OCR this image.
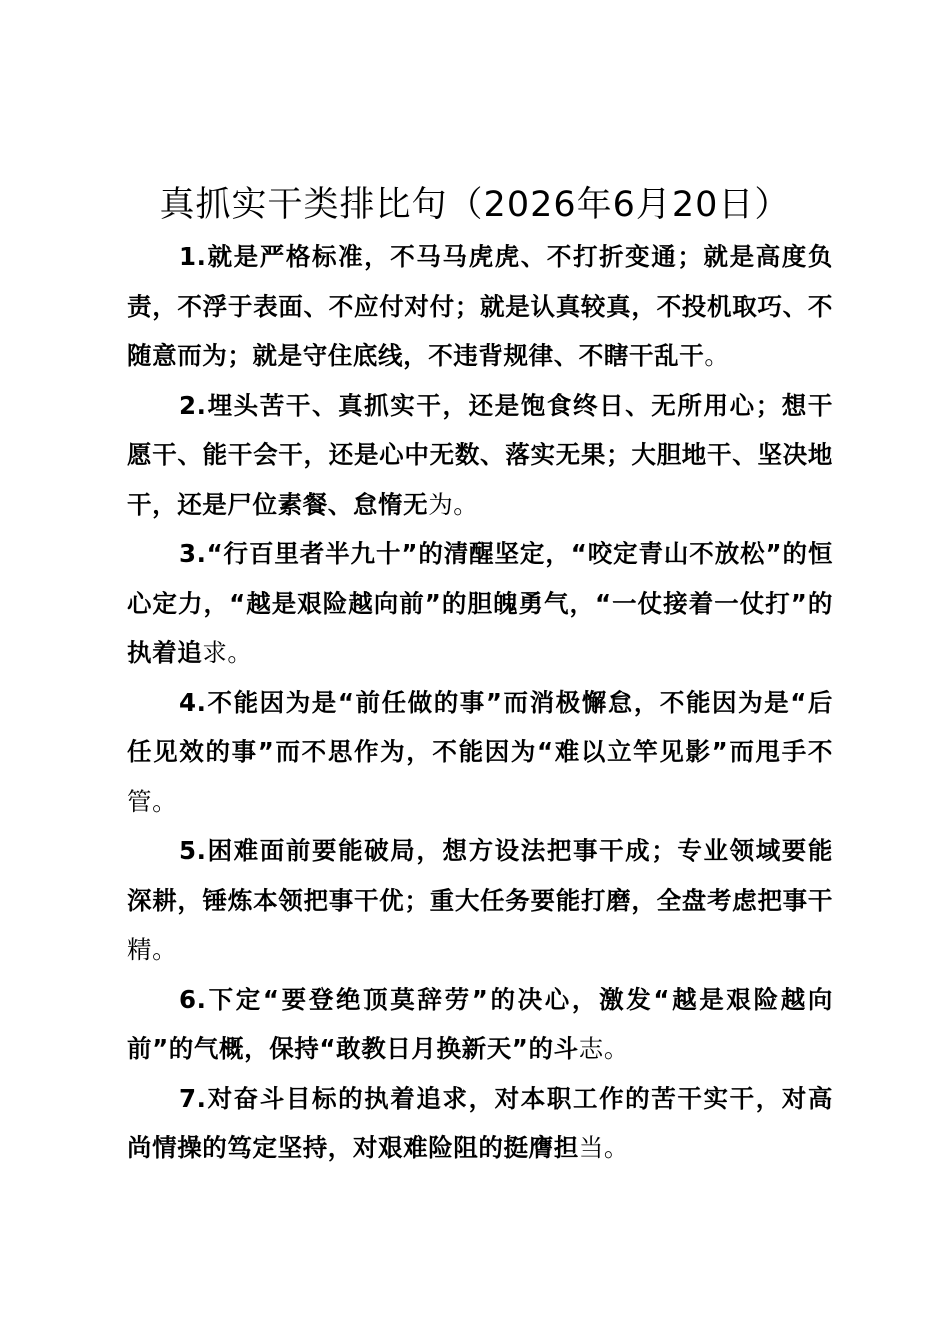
真抓实干类排比句（2026年6月20日）

1.就是严格标准，不马马虎虎、不打折变通；就是高度负责，不浮于表面、不应付对付；就是认真较真，不投机取巧、不随意而为；就是守住底线，不违背规律、不瞎干乱干。

2.埋头苦干、真抓实干，还是饱食终日、无所用心；想干愿干、能干会干，还是心中无数、落实无果；大胆地干、坚决地干，还是尸位素餐、怠惰无为。

3.“行百里者半九十”的清醒坚定，“咬定青山不放松”的恒心定力，“越是艰险越向前”的胆魄勇气，“一仗接着一仗打”的执着追求。

4.不能因为是“前任做的事”而消极懈怠，不能因为是“后任见效的事”而不思作为，不能因为“难以立竿见影”而甩手不管。

5.困难面前要能破局，想方设法把事干成；专业领域要能深耕，锤炼本领把事干优；重大任务要能打磨，全盘考虑把事干精。

6.下定“要登绝顶莫辞劳”的决心，激发“越是艰险越向前”的气概，保持“敢教日月换新天”的斗志。

7.对奋斗目标的执着追求，对本职工作的苦干实干，对高尚情操的笃定坚持，对艰难险阻的挺膺担当。
